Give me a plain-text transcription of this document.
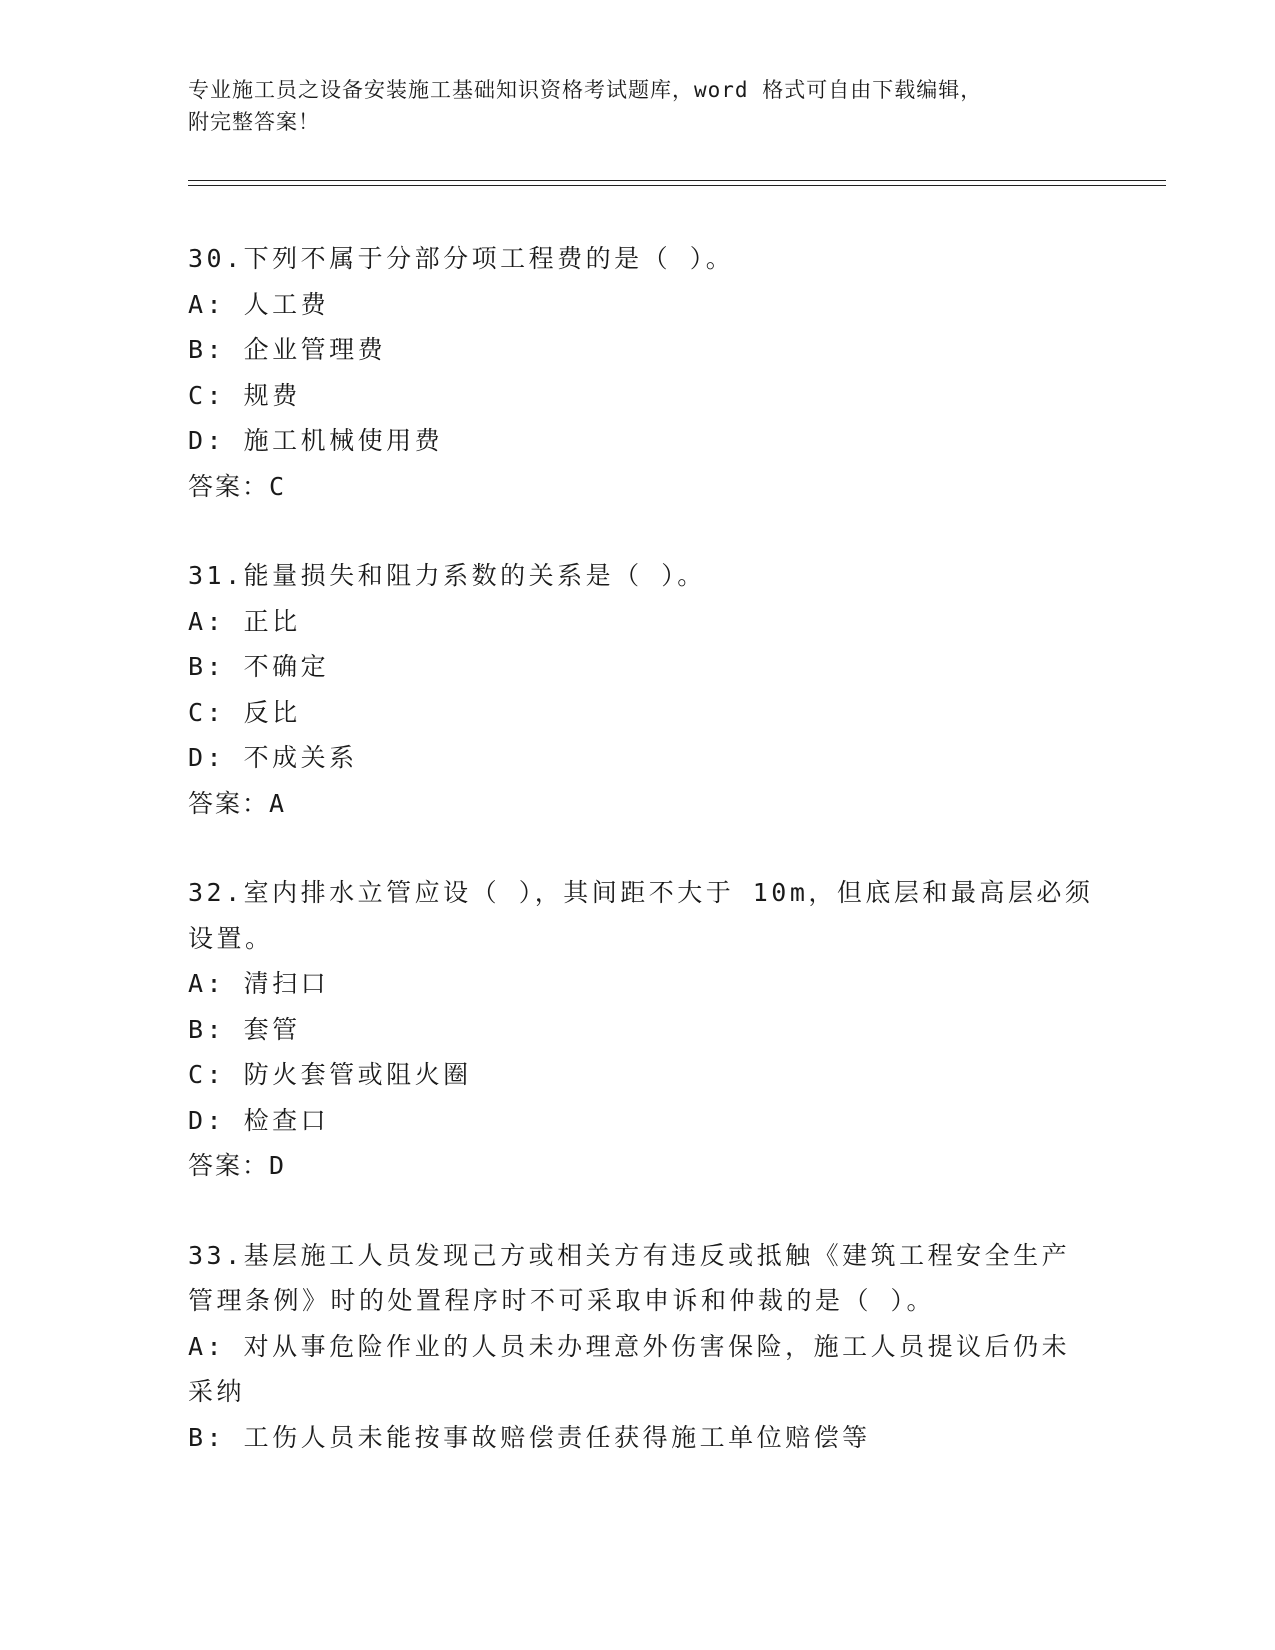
专业施工员之设备安装施工基础知识资格考试题库，word 格式可自由下载编辑，
附完整答案！
30.下列不属于分部分项工程费的是（ ）。
A: 人工费
B: 企业管理费
C: 规费
D: 施工机械使用费
答案：C
31.能量损失和阻力系数的关系是（ ）。
A: 正比
B: 不确定
C: 反比
D: 不成关系
答案：A
32.室内排水立管应设（ ），其间距不大于 10m，但底层和最高层必须
设置。
A: 清扫口
B: 套管
C: 防火套管或阻火圈
D: 检查口
答案：D
33.基层施工人员发现己方或相关方有违反或抵触《建筑工程安全生产
管理条例》时的处置程序时不可采取申诉和仲裁的是（ ）。
A: 对从事危险作业的人员未办理意外伤害保险，施工人员提议后仍未
采纳
B: 工伤人员未能按事故赔偿责任获得施工单位赔偿等
